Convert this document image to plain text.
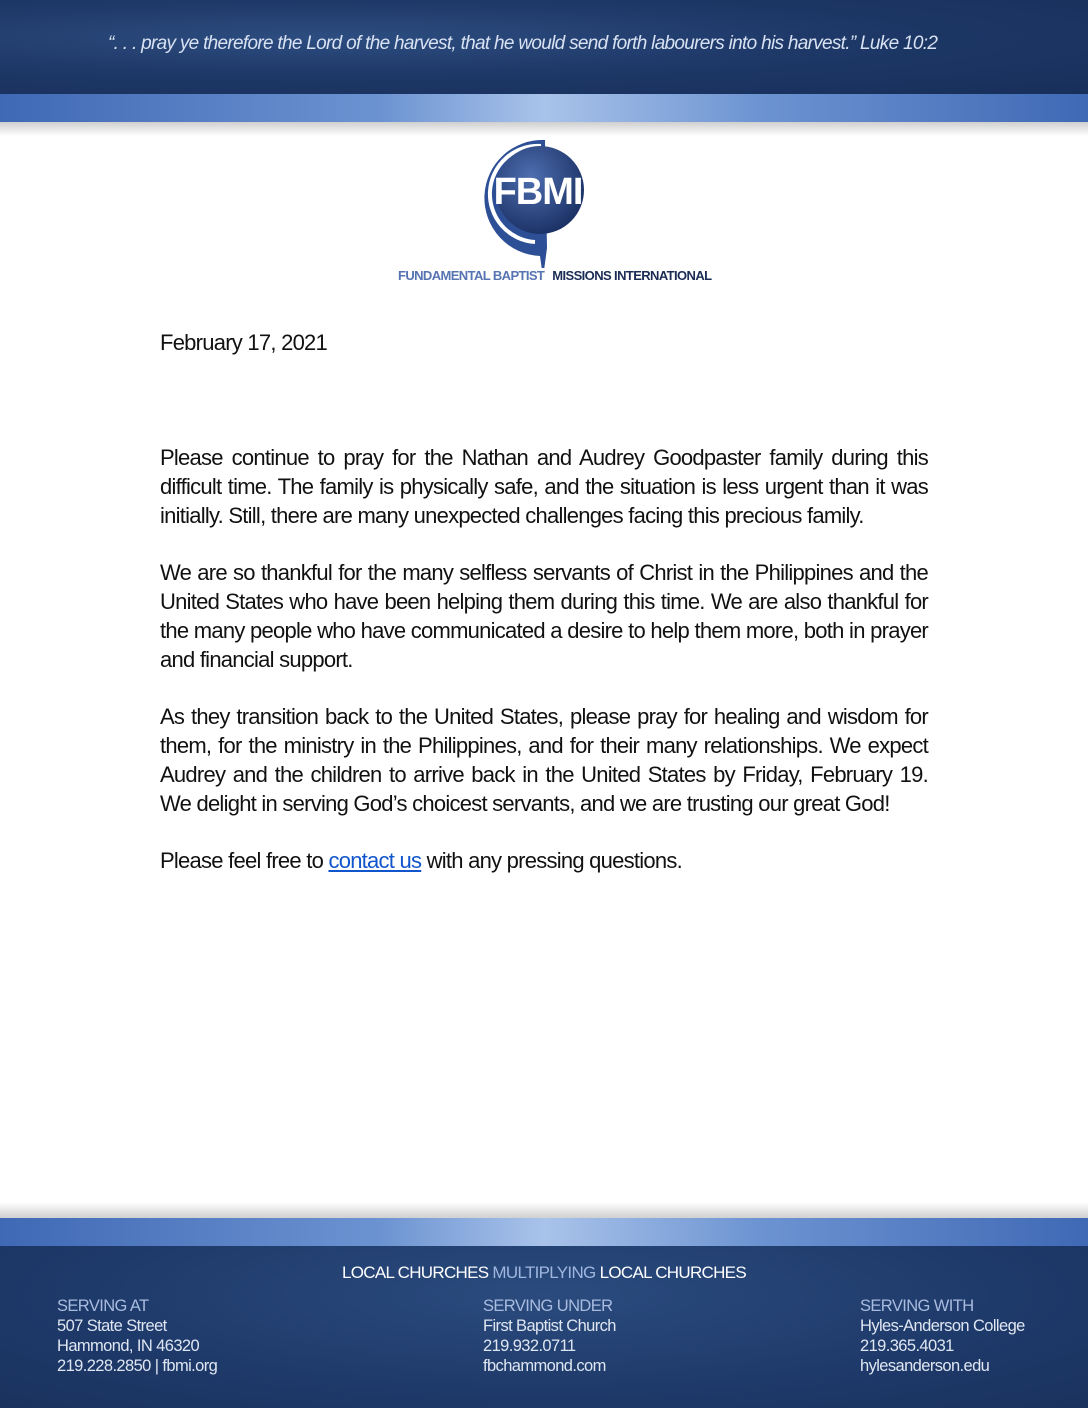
“. . . pray ye therefore the Lord of the harvest, that he would send forth labourers into his harvest.” Luke 10:2
FBMI
FUNDAMENTAL BAPTIST MISSIONS INTERNATIONAL
February 17, 2021

Please continue to pray for the Nathan and Audrey Goodpaster family during this difficult time. The family is physically safe, and the situation is less urgent than it was initially. Still, there are many unexpected challenges facing this precious family.

We are so thankful for the many selfless servants of Christ in the Philippines and the United States who have been helping them during this time. We are also thankful for the many people who have communicated a desire to help them more, both in prayer and financial support.

As they transition back to the United States, please pray for healing and wisdom for them, for the ministry in the Philippines, and for their many relationships. We expect Audrey and the children to arrive back in the United States by Friday, February 19. We delight in serving God’s choicest servants, and we are trusting our great God!

Please feel free to contact us with any pressing questions.

LOCAL CHURCHES MULTIPLYING LOCAL CHURCHES
SERVING AT
507 State Street
Hammond, IN 46320
219.228.2850 | fbmi.org
SERVING UNDER
First Baptist Church
219.932.0711
fbchammond.com
SERVING WITH
Hyles-Anderson College
219.365.4031
hylesanderson.edu
